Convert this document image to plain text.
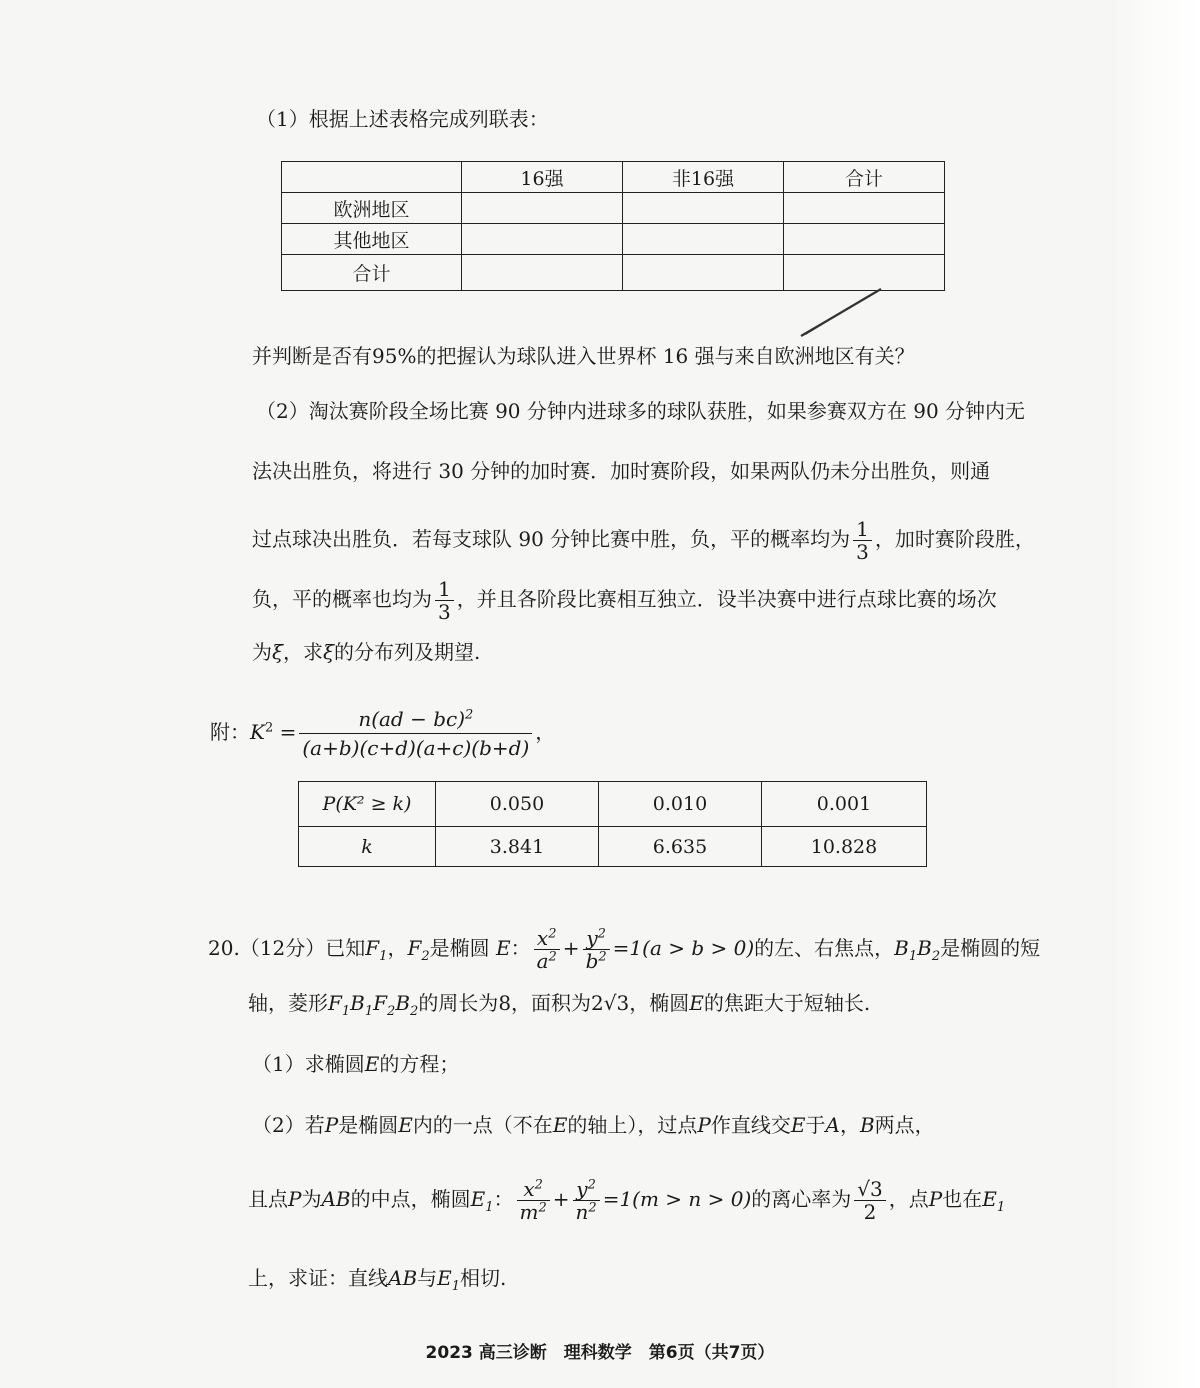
（1）根据上述表格完成列联表：
	16强	非16强	合计
欧洲地区			
其他地区			
合计			
并判断是否有95%的把握认为球队进入世界杯 16 强与来自欧洲地区有关？
（2）淘汰赛阶段全场比赛 90 分钟内进球多的球队获胜，如果参赛双方在 90 分钟内无
法决出胜负，将进行 30 分钟的加时赛．加时赛阶段，如果两队仍未分出胜负，则通
过点球决出胜负．若每支球队 90 分钟比赛中胜，负，平的概率均为 $\frac{1}{3}$ ，加时赛阶段胜，
负，平的概率也均为 $\frac{1}{3}$ ，并且各阶段比赛相互独立．设半决赛中进行点球比赛的场次
为ξ，求ξ的分布列及期望.
附：$K^2 = \frac{n(ad - bc)^2}{(a+b)(c+d)(a+c)(b+d)}$ ，
P(K² ≥ k)	0.050	0.010	0.001
k	3.841	6.635	10.828
20.（12分）已知$F_1$，$F_2$是椭圆 E： $\frac{x^2}{a^2} + \frac{y^2}{b^2} =1(a > b > 0)$的左、右焦点，$B_1B_2$是椭圆的短
轴，菱形$F_1B_1F_2B_2$的周长为8，面积为2√3，椭圆E的焦距大于短轴长.
（1）求椭圆E的方程；
（2）若P是椭圆E内的一点（不在E的轴上），过点P作直线交E于A，B两点，
且点P为AB的中点，椭圆$E_1$： $\frac{x^2}{m^2} + \frac{y^2}{n^2} =1(m > n > 0)$的离心率为 $\frac{√3}{2}$ ，点P也在$E_1$
上，求证：直线AB与$E_1$相切.
2023 高三诊断　理科数学　第6页（共7页）
